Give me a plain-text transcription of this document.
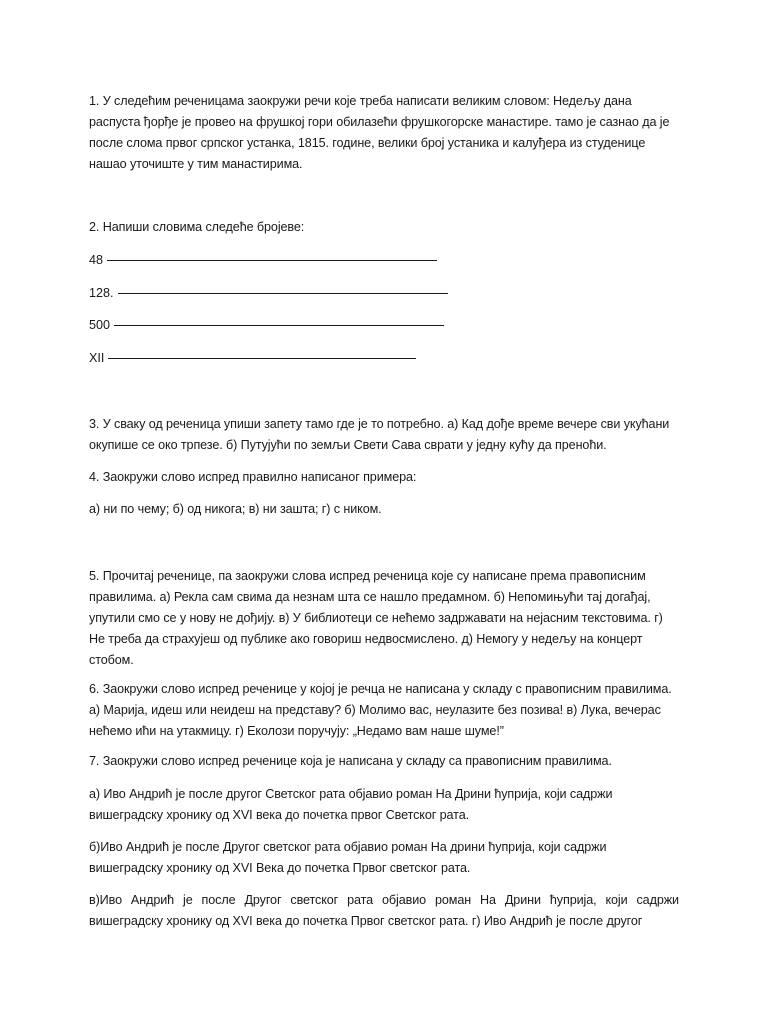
1. У следећим реченицама заокружи речи које треба написати великим словом: Недељу дана распуста ђорђе је провео на фрушкој гори обилазећи фрушкогорске манастире. тамо је сазнао да је после слома првог српског устанка, 1815. године, велики број устаника и калуђера из студенице нашао уточиште у тим манастирима.
2. Напиши словима следеће бројеве:
48
128.
500
XII
3. У сваку од реченица упиши запету тамо где је то потребно. а) Кад дође време вечере сви укућани окупише се око трпезе. б) Путујући по земљи Свети Сава сврати у једну кућу да преноћи.
4. Заокружи слово испред правилно написаног примера:
а) ни по чему; б) од никога; в) ни зашта; г) с ником.
5. Прочитај реченице, па заокружи слова испред реченица које су написане према правописним правилима. а) Рекла сам свима да незнам шта се нашло предамном. б) Непомињући тај догађај, упутили смо се у нову не дођију. в) У библиотеци се нећемо задржавати на нејасним текстовима. г) Не треба да страхујеш од публике ако говориш недвосмислено. д) Немогу у недељу на концерт стобом.
6. Заокружи слово испред реченице у којој је речца не написана у складу с правописним правилима. а) Марија, идеш или неидеш на представу? б) Молимо вас, неулазите без позива! в) Лука, вечерас нећемо ићи на утакмицу. г) Еколози поручују: „Недамо вам наше шуме!”
7. Заокружи слово испред реченице која је написана у складу са правописним правилима.
а) Иво Андрић је после другог Светског рата објавио роман На Дрини ћуприја, који садржи вишеградску хронику од XVI века до почетка првог Светског рата.
б)Иво Андрић је после Другог светског рата објавио роман На дрини ћуприја, који садржи вишеградску хронику од XVI Века до почетка Првог светског рата.
в)Иво Андрић је после Другог светског рата објавио роман На Дрини ћуприја, који садржи вишеградску хронику од XVI века до почетка Првог светског рата. г) Иво Андрић је после другог
